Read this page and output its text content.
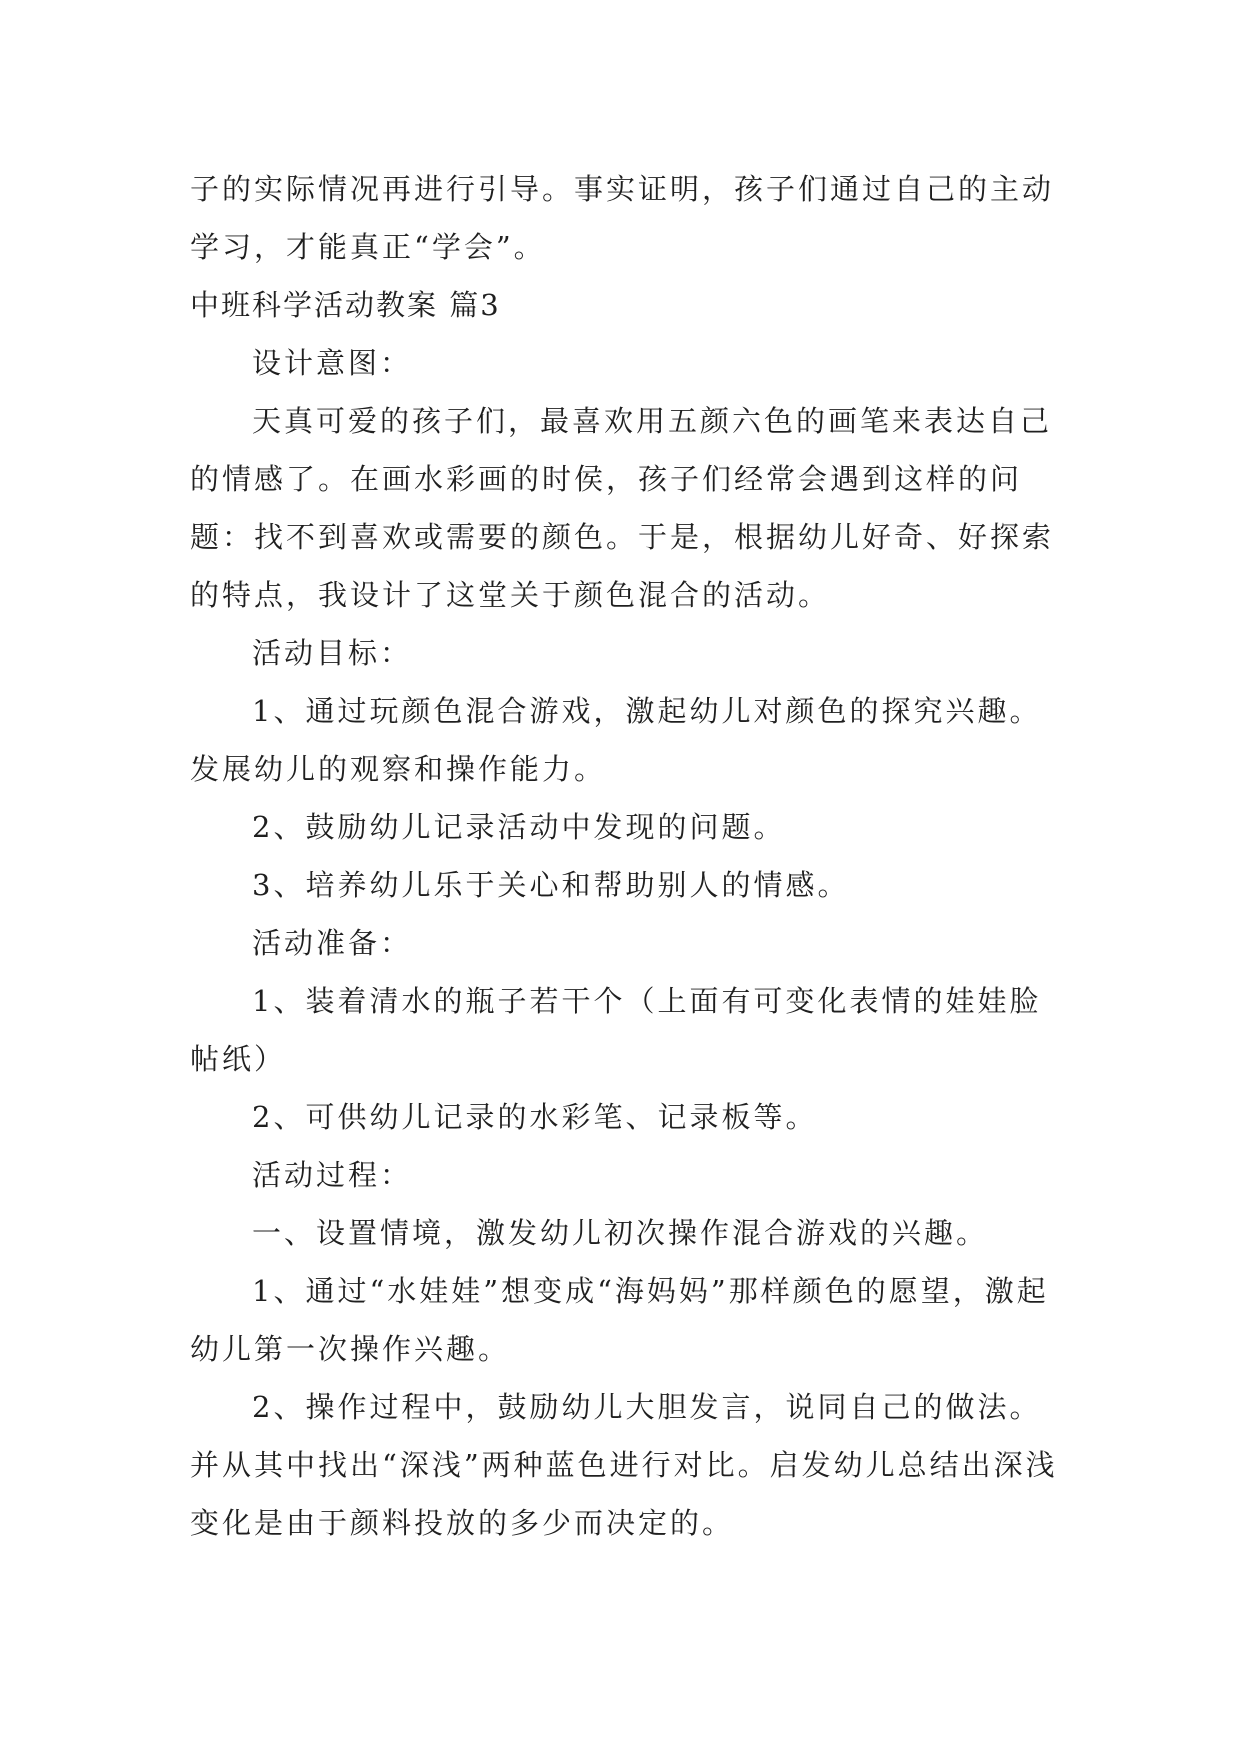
子的实际情况再进行引导。事实证明，孩子们通过自己的主动学习，才能真正“学会”。

中班科学活动教案 篇3

设计意图：

天真可爱的孩子们，最喜欢用五颜六色的画笔来表达自己的情感了。在画水彩画的时侯，孩子们经常会遇到这样的问题：找不到喜欢或需要的颜色。于是，根据幼儿好奇、好探索的特点，我设计了这堂关于颜色混合的活动。

活动目标：

1、通过玩颜色混合游戏，激起幼儿对颜色的探究兴趣。发展幼儿的观察和操作能力。

2、鼓励幼儿记录活动中发现的问题。

3、培养幼儿乐于关心和帮助别人的情感。

活动准备：

1、装着清水的瓶子若干个（上面有可变化表情的娃娃脸帖纸）

2、可供幼儿记录的水彩笔、记录板等。

活动过程：

一、设置情境，激发幼儿初次操作混合游戏的兴趣。

1、通过“水娃娃”想变成“海妈妈”那样颜色的愿望，激起幼儿第一次操作兴趣。

2、操作过程中，鼓励幼儿大胆发言，说同自己的做法。并从其中找出“深浅”两种蓝色进行对比。启发幼儿总结出深浅变化是由于颜料投放的多少而决定的。
